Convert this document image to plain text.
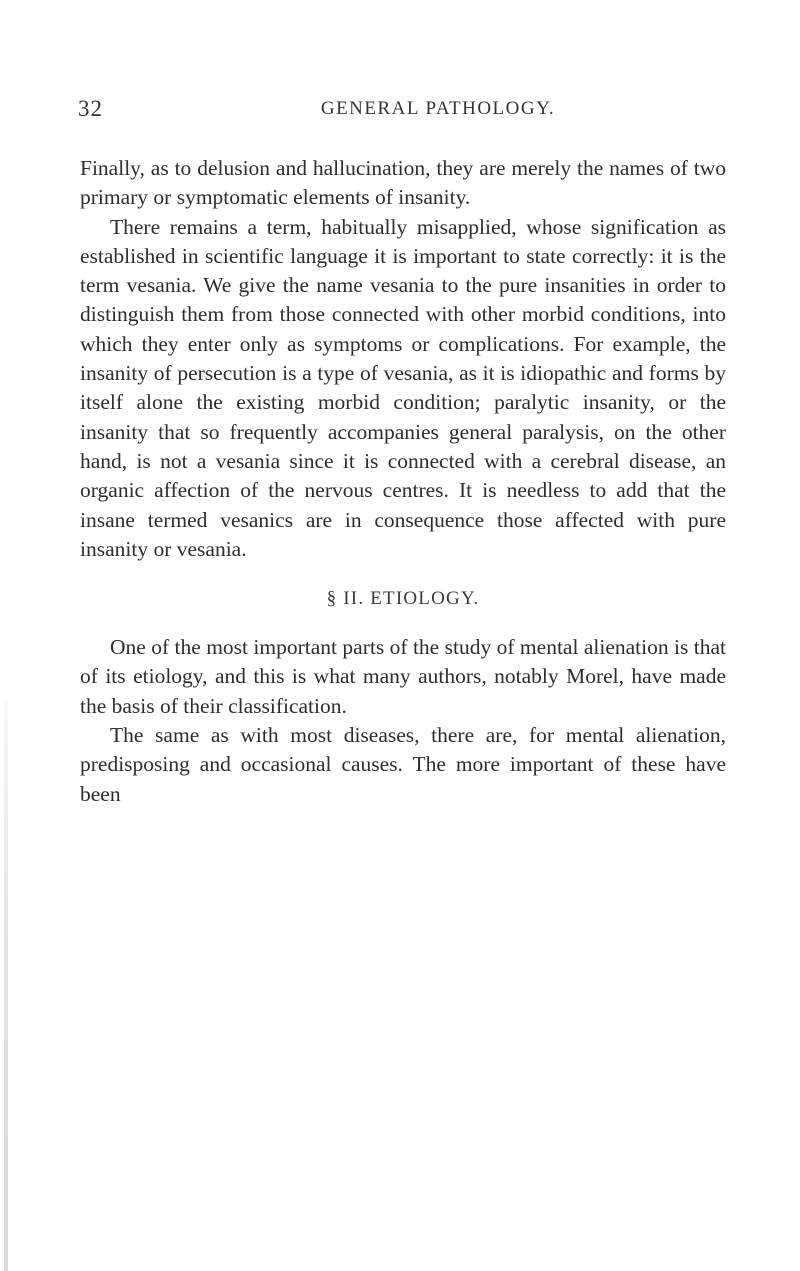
32	GENERAL PATHOLOGY.

Finally, as to delusion and hallucination, they are merely the names of two primary or symptomatic elements of insanity.

There remains a term, habitually misapplied, whose signification as established in scientific language it is important to state correctly: it is the term vesania. We give the name vesania to the pure insanities in order to distinguish them from those connected with other morbid conditions, into which they enter only as symptoms or complications. For example, the insanity of persecution is a type of vesania, as it is idiopathic and forms by itself alone the existing morbid condition; paralytic insanity, or the insanity that so frequently accompanies general paralysis, on the other hand, is not a vesania since it is connected with a cerebral disease, an organic affection of the nervous centres. It is needless to add that the insane termed vesanics are in consequence those affected with pure insanity or vesania.

§ II. ETIOLOGY.

One of the most important parts of the study of mental alienation is that of its etiology, and this is what many authors, notably Morel, have made the basis of their classification.

The same as with most diseases, there are, for mental alienation, predisposing and occasional causes. The more important of these have been
